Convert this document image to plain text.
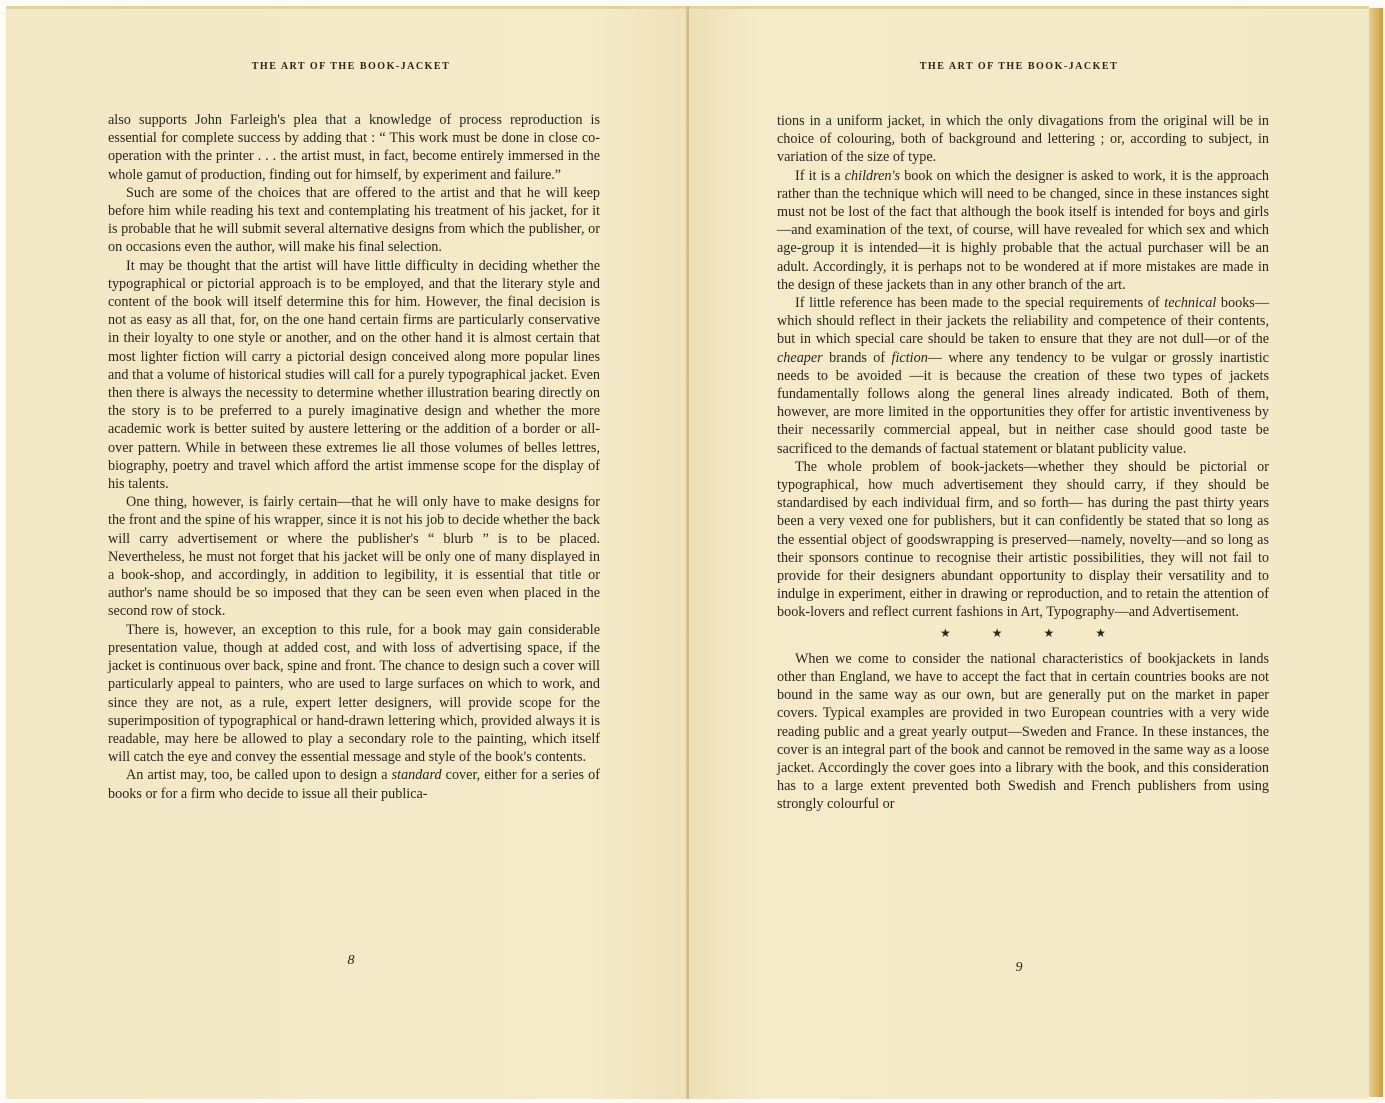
THE ART OF THE BOOK-JACKET

also supports John Farleigh's plea that a knowledge of process reproduction is essential for complete success by adding that : “ This work must be done in close co-operation with the printer . . . the artist must, in fact, become entirely immersed in the whole gamut of production, finding out for himself, by experiment and failure.”

Such are some of the choices that are offered to the artist and that he will keep before him while reading his text and contemplating his treatment of his jacket, for it is probable that he will submit several alternative designs from which the publisher, or on occasions even the author, will make his final selection.

It may be thought that the artist will have little difficulty in deciding whether the typographical or pictorial approach is to be employed, and that the literary style and content of the book will itself determine this for him. However, the final decision is not as easy as all that, for, on the one hand certain firms are particularly conservative in their loyalty to one style or another, and on the other hand it is almost certain that most lighter fiction will carry a pictorial design conceived along more popular lines and that a volume of historical studies will call for a purely typographical jacket. Even then there is always the necessity to determine whether illustration bearing directly on the story is to be preferred to a purely imaginative design and whether the more academic work is better suited by austere lettering or the addition of a border or all-over pattern. While in between these extremes lie all those volumes of belles lettres, biography, poetry and travel which afford the artist immense scope for the display of his talents.

One thing, however, is fairly certain—that he will only have to make designs for the front and the spine of his wrapper, since it is not his job to decide whether the back will carry advertisement or where the publisher's “ blurb ” is to be placed. Nevertheless, he must not forget that his jacket will be only one of many displayed in a book-shop, and accordingly, in addition to legibility, it is essential that title or author's name should be so imposed that they can be seen even when placed in the second row of stock.

There is, however, an exception to this rule, for a book may gain considerable presentation value, though at added cost, and with loss of advertising space, if the jacket is continuous over back, spine and front. The chance to design such a cover will particularly appeal to painters, who are used to large surfaces on which to work, and since they are not, as a rule, expert letter designers, will provide scope for the superimposition of typographical or hand-drawn lettering which, provided always it is readable, may here be allowed to play a secondary role to the painting, which itself will catch the eye and convey the essential message and style of the book's contents.

An artist may, too, be called upon to design a standard cover, either for a series of books or for a firm who decide to issue all their publica-

8
THE ART OF THE BOOK-JACKET

tions in a uniform jacket, in which the only divagations from the original will be in choice of colouring, both of background and lettering ; or, according to subject, in variation of the size of type.

If it is a children's book on which the designer is asked to work, it is the approach rather than the technique which will need to be changed, since in these instances sight must not be lost of the fact that although the book itself is intended for boys and girls—and examination of the text, of course, will have revealed for which sex and which age-group it is intended—it is highly probable that the actual purchaser will be an adult. Accordingly, it is perhaps not to be wondered at if more mistakes are made in the design of these jackets than in any other branch of the art.

If little reference has been made to the special requirements of technical books—which should reflect in their jackets the reliability and competence of their contents, but in which special care should be taken to ensure that they are not dull—or of the cheaper brands of fiction— where any tendency to be vulgar or grossly inartistic needs to be avoided —it is because the creation of these two types of jackets fundamentally follows along the general lines already indicated. Both of them, however, are more limited in the opportunities they offer for artistic inventiveness by their necessarily commercial appeal, but in neither case should good taste be sacrificed to the demands of factual statement or blatant publicity value.

The whole problem of book-jackets—whether they should be pictorial or typographical, how much advertisement they should carry, if they should be standardised by each individual firm, and so forth— has during the past thirty years been a very vexed one for publishers, but it can confidently be stated that so long as the essential object of goodswrapping is preserved—namely, novelty—and so long as their sponsors continue to recognise their artistic possibilities, they will not fail to provide for their designers abundant opportunity to display their versatility and to indulge in experiment, either in drawing or reproduction, and to retain the attention of book-lovers and reflect current fashions in Art, Typography—and Advertisement.

★ ★ ★ ★

When we come to consider the national characteristics of bookjackets in lands other than England, we have to accept the fact that in certain countries books are not bound in the same way as our own, but are generally put on the market in paper covers. Typical examples are provided in two European countries with a very wide reading public and a great yearly output—Sweden and France. In these instances, the cover is an integral part of the book and cannot be removed in the same way as a loose jacket. Accordingly the cover goes into a library with the book, and this consideration has to a large extent prevented both Swedish and French publishers from using strongly colourful or

9
